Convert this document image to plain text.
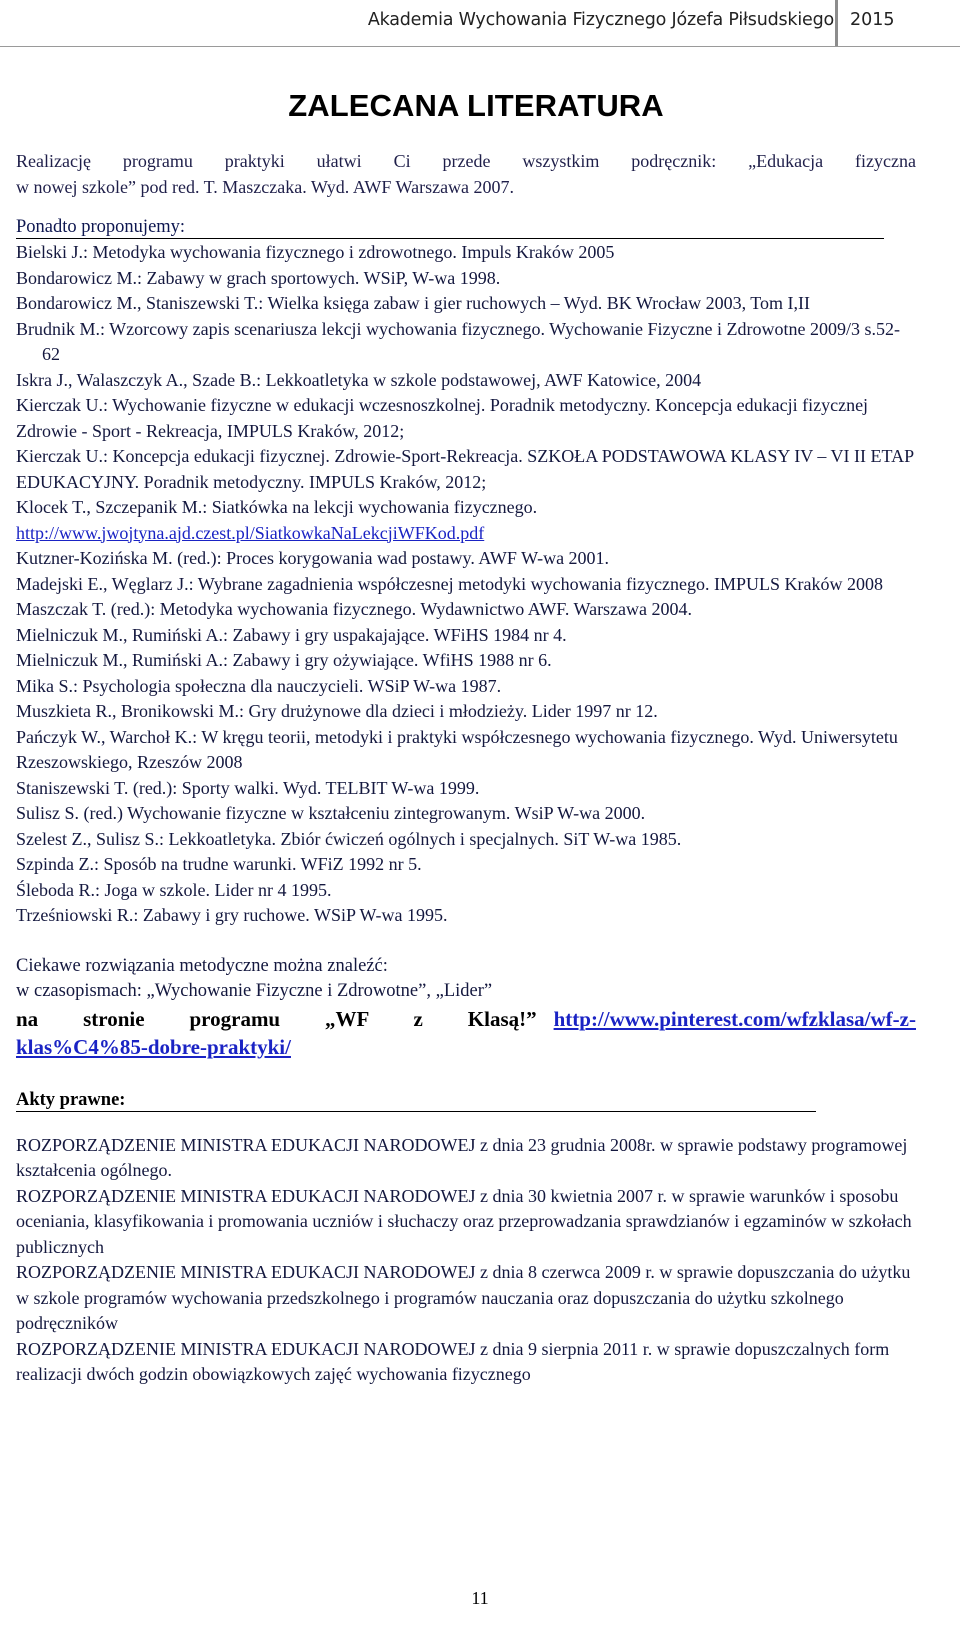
Akademia Wychowania Fizycznego Józefa Piłsudskiego 2015
ZALECANA LITERATURA
Realizację programu praktyki ułatwi Ci przede wszystkim podręcznik: „Edukacja fizyczna
w nowej szkole” pod red. T. Maszczaka. Wyd. AWF Warszawa 2007.
Ponadto proponujemy:
Bielski J.: Metodyka wychowania fizycznego i zdrowotnego. Impuls Kraków 2005
Bondarowicz M.: Zabawy w grach sportowych. WSiP, W-wa 1998.
Bondarowicz M., Staniszewski T.: Wielka księga zabaw i gier ruchowych – Wyd. BK Wrocław 2003, Tom I,II
Brudnik M.: Wzorcowy zapis scenariusza lekcji wychowania fizycznego. Wychowanie Fizyczne i Zdrowotne 2009/3 s.52-62
Iskra J., Walaszczyk A., Szade B.: Lekkoatletyka w szkole podstawowej, AWF Katowice, 2004
Kierczak U.: Wychowanie fizyczne w edukacji wczesnoszkolnej. Poradnik metodyczny. Koncepcja edukacji fizycznej Zdrowie - Sport - Rekreacja, IMPULS Kraków, 2012;
Kierczak U.: Koncepcja edukacji fizycznej. Zdrowie-Sport-Rekreacja. SZKOŁA PODSTAWOWA KLASY IV – VI II ETAP EDUKACYJNY. Poradnik metodyczny. IMPULS Kraków, 2012;
Klocek T., Szczepanik M.: Siatkówka na lekcji wychowania fizycznego.
http://www.jwojtyna.ajd.czest.pl/SiatkowkaNaLekcjiWFKod.pdf
Kutzner-Kozińska M. (red.): Proces korygowania wad postawy. AWF W-wa 2001.
Madejski E., Węglarz J.: Wybrane zagadnienia współczesnej metodyki wychowania fizycznego. IMPULS Kraków 2008
Maszczak T. (red.): Metodyka wychowania fizycznego. Wydawnictwo AWF. Warszawa 2004.
Mielniczuk M., Rumiński A.: Zabawy i gry uspakajające. WFiHS 1984 nr 4.
Mielniczuk M., Rumiński A.: Zabawy i gry ożywiające. WfiHS 1988 nr 6.
Mika S.: Psychologia społeczna dla nauczycieli. WSiP W-wa 1987.
Muszkieta R., Bronikowski M.: Gry drużynowe dla dzieci i młodzieży. Lider 1997 nr 12.
Pańczyk W., Warchoł K.: W kręgu teorii, metodyki i praktyki współczesnego wychowania fizycznego. Wyd. Uniwersytetu Rzeszowskiego, Rzeszów 2008
Staniszewski T. (red.): Sporty walki. Wyd. TELBIT W-wa 1999.
Sulisz S. (red.) Wychowanie fizyczne w kształceniu zintegrowanym. WsiP W-wa 2000.
Szelest Z., Sulisz S.: Lekkoatletyka. Zbiór ćwiczeń ogólnych i specjalnych. SiT W-wa 1985.
Szpinda Z.: Sposób na trudne warunki. WFiZ 1992 nr 5.
Śleboda R.: Joga w szkole. Lider nr 4 1995.
Trześniowski R.: Zabawy i gry ruchowe. WSiP W-wa 1995.
Ciekawe rozwiązania metodyczne można znaleźć:
w czasopismach: „Wychowanie Fizyczne i Zdrowotne”, „Lider”
na stronie programu „WF z Klasą!” http://www.pinterest.com/wfzklasa/wf-z-klas%C4%85-dobre-praktyki/
Akty prawne:
ROZPORZĄDZENIE MINISTRA EDUKACJI NARODOWEJ z dnia 23 grudnia 2008r. w sprawie podstawy programowej kształcenia ogólnego.
ROZPORZĄDZENIE MINISTRA EDUKACJI NARODOWEJ z dnia 30 kwietnia 2007 r. w sprawie warunków i sposobu oceniania, klasyfikowania i promowania uczniów i słuchaczy oraz przeprowadzania sprawdzianów i egzaminów w szkołach publicznych
ROZPORZĄDZENIE MINISTRA EDUKACJI NARODOWEJ z dnia 8 czerwca 2009 r. w sprawie dopuszczania do użytku w szkole programów wychowania przedszkolnego i programów nauczania oraz dopuszczania do użytku szkolnego podręczników
ROZPORZĄDZENIE MINISTRA EDUKACJI NARODOWEJ z dnia 9 sierpnia 2011 r. w sprawie dopuszczalnych form realizacji dwóch godzin obowiązkowych zajęć wychowania fizycznego
11
